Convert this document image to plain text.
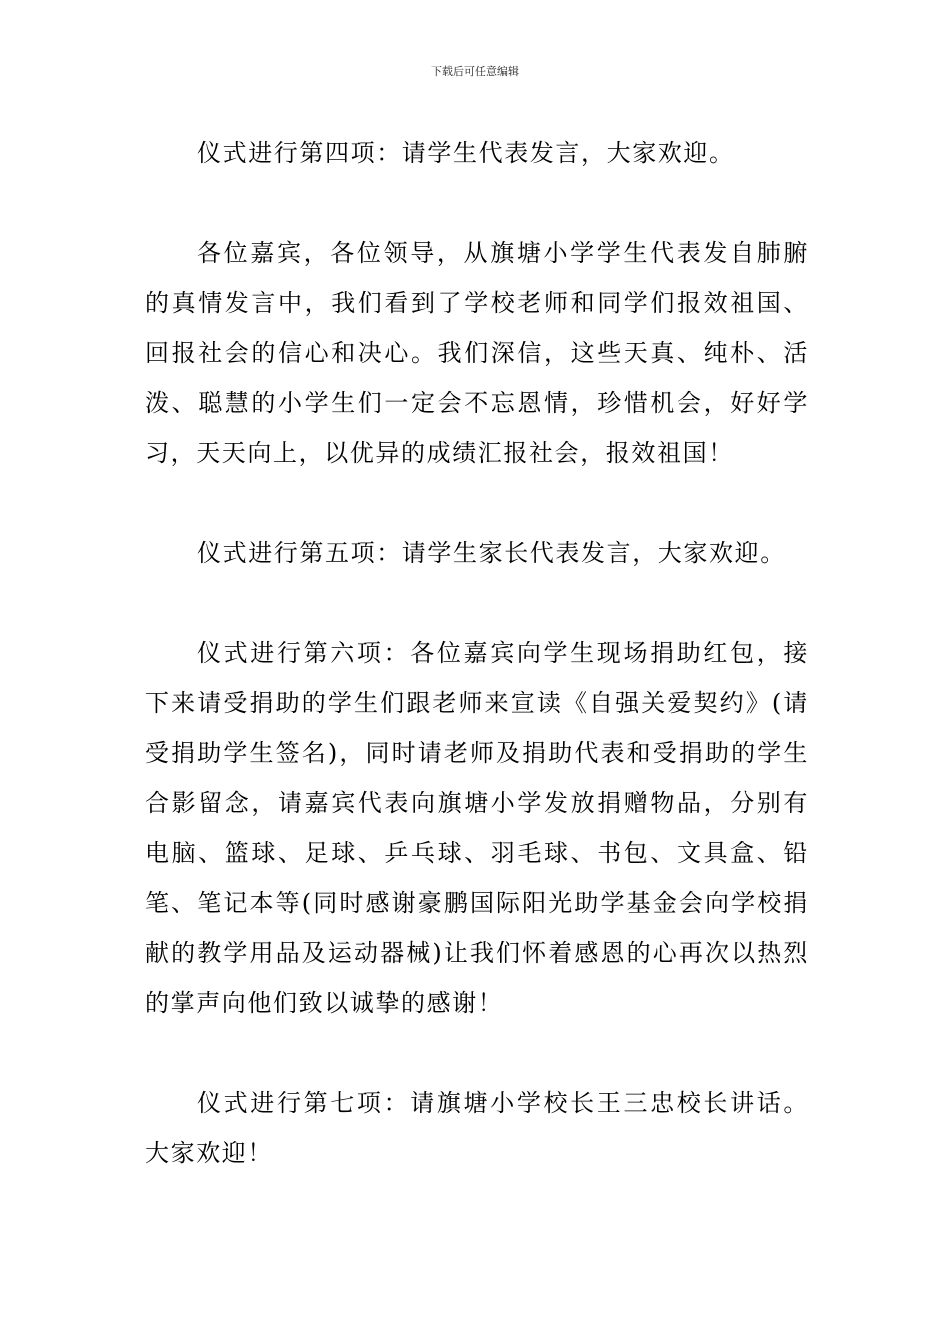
下载后可任意编辑

仪式进行第四项：请学生代表发言，大家欢迎。

各位嘉宾，各位领导，从旗塘小学学生代表发自肺腑的真情发言中，我们看到了学校老师和同学们报效祖国、回报社会的信心和决心。我们深信，这些天真、纯朴、活泼、聪慧的小学生们一定会不忘恩情，珍惜机会，好好学习，天天向上，以优异的成绩汇报社会，报效祖国！

仪式进行第五项：请学生家长代表发言，大家欢迎。

仪式进行第六项：各位嘉宾向学生现场捐助红包，接下来请受捐助的学生们跟老师来宣读《自强关爱契约》(请受捐助学生签名)，同时请老师及捐助代表和受捐助的学生合影留念，请嘉宾代表向旗塘小学发放捐赠物品，分别有电脑、篮球、足球、乒乓球、羽毛球、书包、文具盒、铅笔、笔记本等(同时感谢豪鹏国际阳光助学基金会向学校捐献的教学用品及运动器械)让我们怀着感恩的心再次以热烈的掌声向他们致以诚挚的感谢！

仪式进行第七项：请旗塘小学校长王三忠校长讲话。大家欢迎！
